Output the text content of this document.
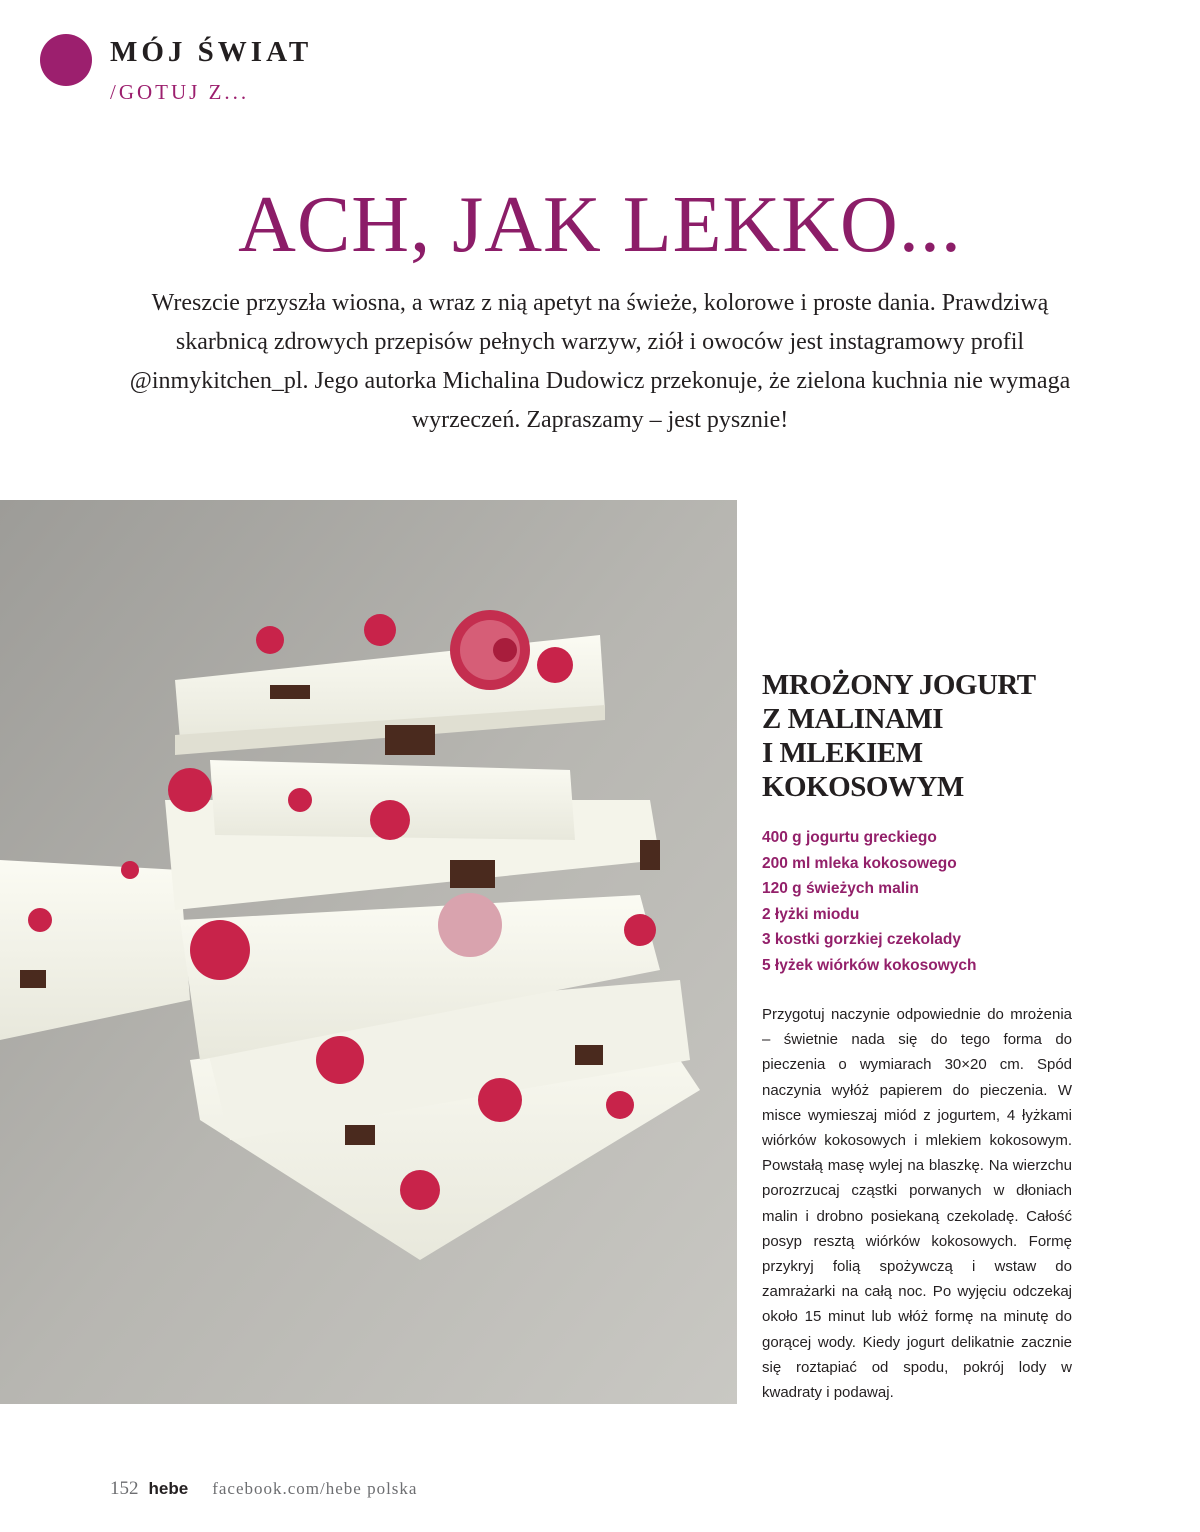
MÓJ ŚWIAT
/GOTUJ Z...
ACH, JAK LEKKO...

Wreszcie przyszła wiosna, a wraz z nią apetyt na świeże, kolorowe i proste dania. Prawdziwą skarbnicą zdrowych przepisów pełnych warzyw, ziół i owoców jest instagramowy profil @inmykitchen_pl. Jego autorka Michalina Dudowicz przekonuje, że zielona kuchnia nie wymaga wyrzeczeń. Zapraszamy – jest pysznie!

MROŻONY JOGURT
Z MALINAMI
I MLEKIEM
KOKOSOWYM
400 g jogurtu greckiego
200 ml mleka kokosowego
120 g świeżych malin
2 łyżki miodu
3 kostki gorzkiej czekolady
5 łyżek wiórków kokosowych

Przygotuj naczynie odpowiednie do mrożenia – świetnie nada się do tego forma do pieczenia o wymiarach 30×20 cm. Spód naczynia wyłóż papierem do pieczenia. W misce wymieszaj miód z jogurtem, 4 łyżkami wiórków kokosowych i mlekiem kokosowym. Powstałą masę wylej na blaszkę. Na wierzchu porozrzucaj cząstki porwanych w dłoniach malin i drobno posiekaną czekoladę. Całość posyp resztą wiórków kokosowych. Formę przykryj folią spożywczą i wstaw do zamrażarki na całą noc. Po wyjęciu odczekaj około 15 minut lub włóż formę na minutę do gorącej wody. Kiedy jogurt delikatnie zacznie się roztapiać od spodu, pokrój lody w kwadraty i podawaj.

152 hebe facebook.com/hebe polska
